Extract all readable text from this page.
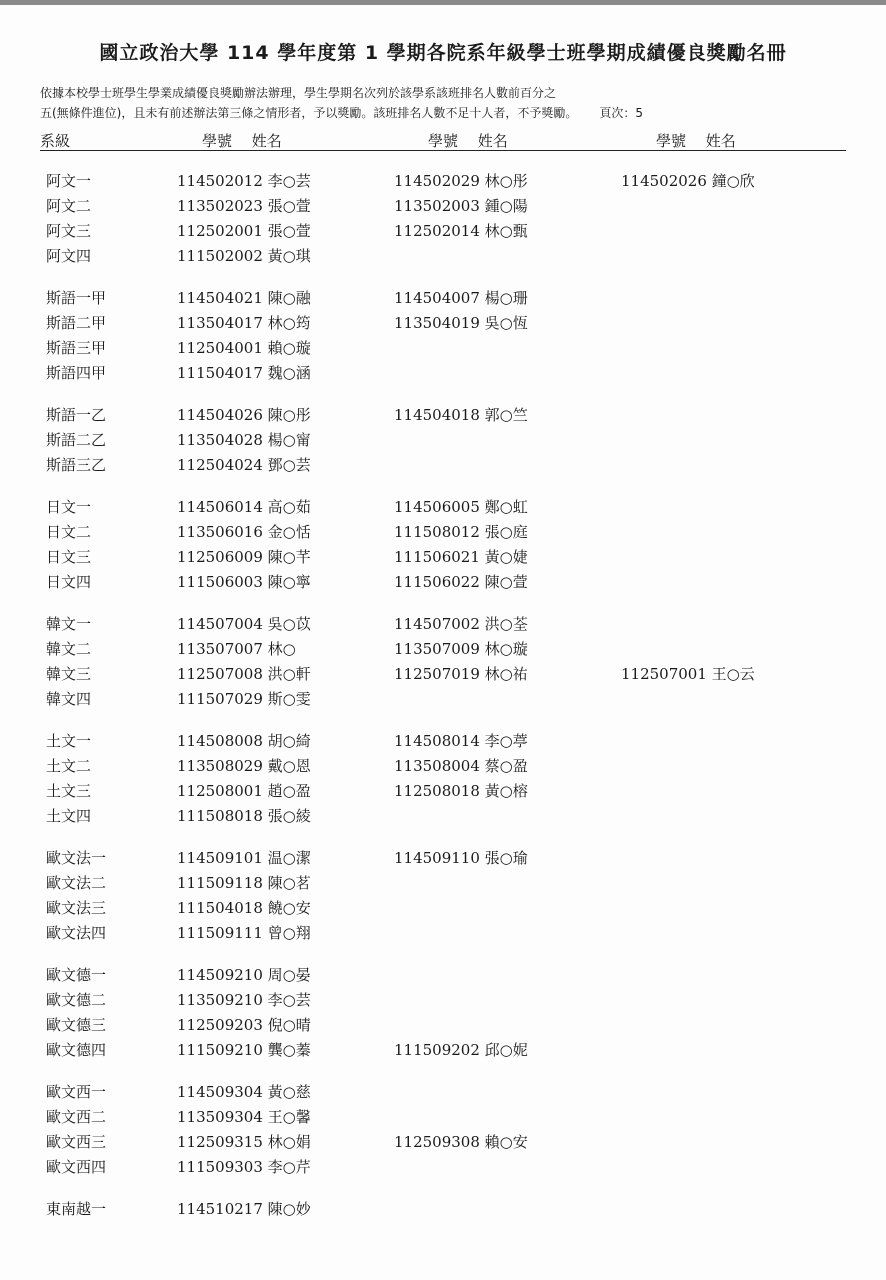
國立政治大學 114 學年度第 1 學期各院系年級學士班學期成績優良獎勵名冊
依據本校學士班學生學業成績優良獎勵辦法辦理，學生學期名次列於該學系該班排名人數前百分之
五(無條件進位)，且未有前述辦法第三條之情形者，予以獎勵。該班排名人數不足十人者，不予獎勵。 頁次：5
系級	學號　 姓名	學號　 姓名	學號　 姓名
阿文一	114502012 李○芸	114502029 林○彤	114502026 鐘○欣
阿文二	113502023 張○萱	113502003 鍾○陽
阿文三	112502001 張○萱	112502014 林○甄
阿文四	111502002 黃○琪
斯語一甲	114504021 陳○融	114504007 楊○珊
斯語二甲	113504017 林○筠	113504019 吳○恆
斯語三甲	112504001 賴○璇
斯語四甲	111504017 魏○涵
斯語一乙	114504026 陳○彤	114504018 郭○竺
斯語二乙	113504028 楊○甯
斯語三乙	112504024 鄧○芸
日文一	114506014 高○茹	114506005 鄭○虹
日文二	113506016 金○恬	111508012 張○庭
日文三	112506009 陳○芊	111506021 黃○婕
日文四	111506003 陳○寧	111506022 陳○萱
韓文一	114507004 吳○苡	114507002 洪○荃
韓文二	113507007 林○	113507009 林○璇
韓文三	112507008 洪○軒	112507019 林○祐	112507001 王○云
韓文四	111507029 斯○雯
土文一	114508008 胡○綺	114508014 李○葶
土文二	113508029 戴○恩	113508004 蔡○盈
土文三	112508001 趙○盈	112508018 黃○榕
土文四	111508018 張○綾
歐文法一	114509101 温○潔	114509110 張○瑜
歐文法二	111509118 陳○茗
歐文法三	111504018 饒○安
歐文法四	111509111 曾○翔
歐文德一	114509210 周○晏
歐文德二	113509210 李○芸
歐文德三	112509203 倪○晴
歐文德四	111509210 龔○蓁	111509202 邱○妮
歐文西一	114509304 黃○慈
歐文西二	113509304 王○馨
歐文西三	112509315 林○娟	112509308 賴○安
歐文西四	111509303 李○芹
東南越一	114510217 陳○妙
